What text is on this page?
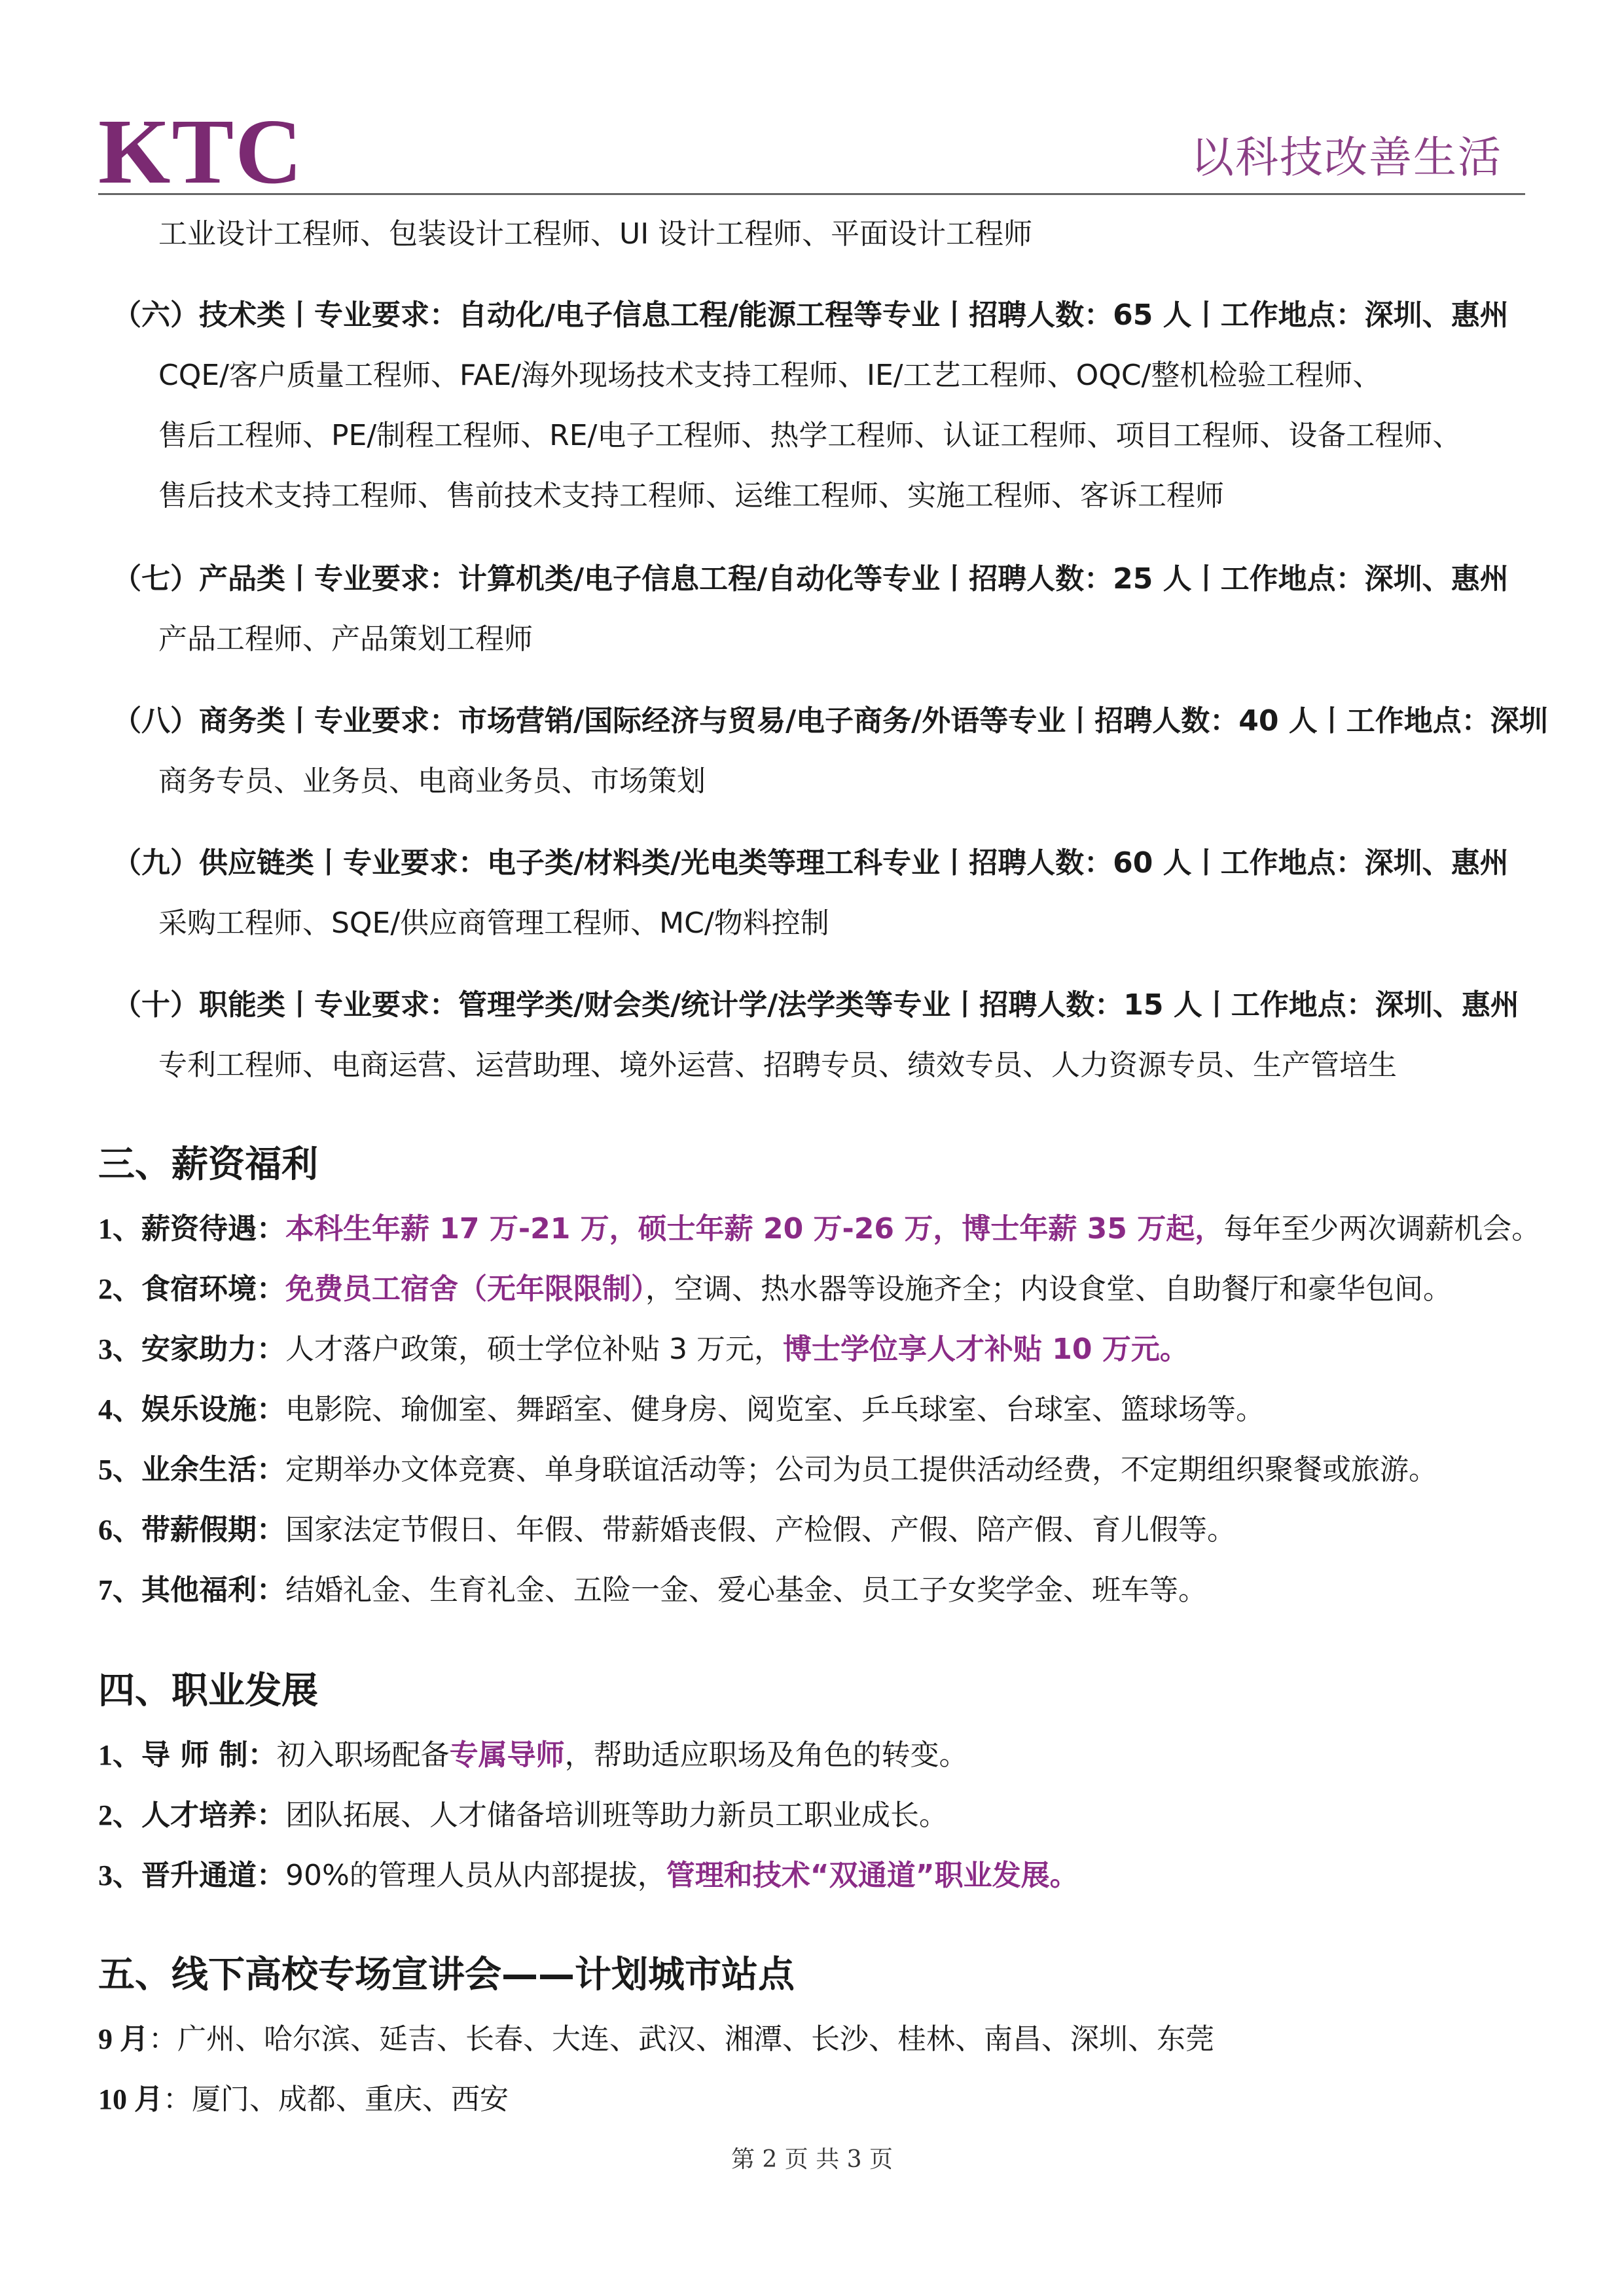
KTC	以科技改善生活
工业设计工程师、包装设计工程师、UI 设计工程师、平面设计工程师
（六）技术类丨专业要求：自动化/电子信息工程/能源工程等专业丨招聘人数：65 人丨工作地点：深圳、惠州
CQE/客户质量工程师、FAE/海外现场技术支持工程师、IE/工艺工程师、OQC/整机检验工程师、
售后工程师、PE/制程工程师、RE/电子工程师、热学工程师、认证工程师、项目工程师、设备工程师、
售后技术支持工程师、售前技术支持工程师、运维工程师、实施工程师、客诉工程师
（七）产品类丨专业要求：计算机类/电子信息工程/自动化等专业丨招聘人数：25 人丨工作地点：深圳、惠州
产品工程师、产品策划工程师
（八）商务类丨专业要求：市场营销/国际经济与贸易/电子商务/外语等专业丨招聘人数：40 人丨工作地点：深圳
商务专员、业务员、电商业务员、市场策划
（九）供应链类丨专业要求：电子类/材料类/光电类等理工科专业丨招聘人数：60 人丨工作地点：深圳、惠州
采购工程师、SQE/供应商管理工程师、MC/物料控制
（十）职能类丨专业要求：管理学类/财会类/统计学/法学类等专业丨招聘人数：15 人丨工作地点：深圳、惠州
专利工程师、电商运营、运营助理、境外运营、招聘专员、绩效专员、人力资源专员、生产管培生
三、薪资福利
1、薪资待遇：本科生年薪 17 万-21 万，硕士年薪 20 万-26 万，博士年薪 35 万起，每年至少两次调薪机会。
2、食宿环境：免费员工宿舍（无年限限制），空调、热水器等设施齐全；内设食堂、自助餐厅和豪华包间。
3、安家助力：人才落户政策，硕士学位补贴 3 万元，博士学位享人才补贴 10 万元。
4、娱乐设施：电影院、瑜伽室、舞蹈室、健身房、阅览室、乒乓球室、台球室、篮球场等。
5、业余生活：定期举办文体竞赛、单身联谊活动等；公司为员工提供活动经费，不定期组织聚餐或旅游。
6、带薪假期：国家法定节假日、年假、带薪婚丧假、产检假、产假、陪产假、育儿假等。
7、其他福利：结婚礼金、生育礼金、五险一金、爱心基金、员工子女奖学金、班车等。
四、职业发展
1、导 师 制：初入职场配备专属导师，帮助适应职场及角色的转变。
2、人才培养：团队拓展、人才储备培训班等助力新员工职业成长。
3、晋升通道：90%的管理人员从内部提拔，管理和技术“双通道”职业发展。
五、线下高校专场宣讲会——计划城市站点
9 月：广州、哈尔滨、延吉、长春、大连、武汉、湘潭、长沙、桂林、南昌、深圳、东莞
10 月：厦门、成都、重庆、西安
第 2 页 共 3 页
